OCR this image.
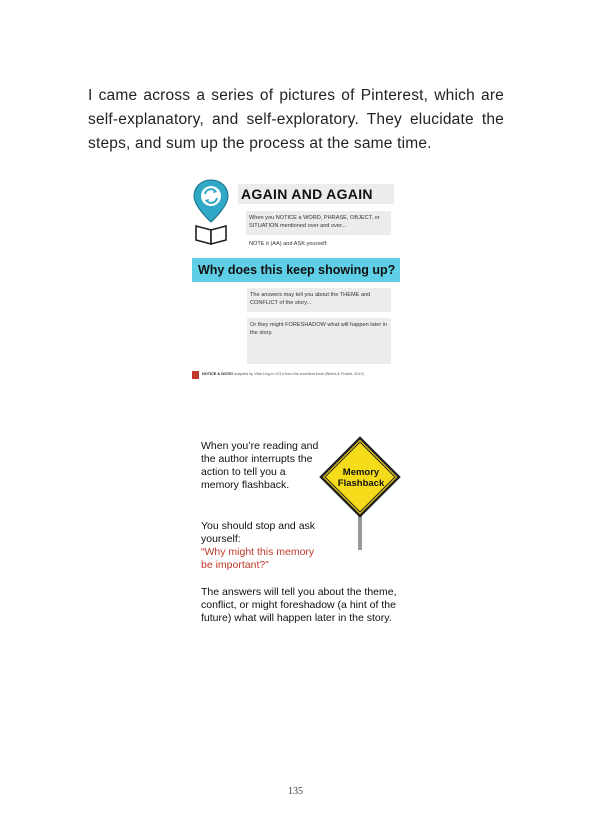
I came across a series of pictures of Pinterest, which are self-explanatory, and self-exploratory. They elucidate the steps, and sum up the process at the same time.

AGAIN AND AGAIN
When you NOTICE a WORD, PHRASE, OBJECT, or SITUATION mentioned over and over...
NOTE it (AA) and ASK yourself:
Why does this keep showing up?
The answers may tell you about the THEME and CONFLICT of the story...
Or they might FORESHADOW what will happen later in the story.
NOTICE & NOTE! Adapted by Vicki Ling in 2014 from the excellent book (Beers & Probst, 2012)
When you’re reading and the author interrupts the action to tell you a memory flashback.
You should stop and ask yourself:
“Why might this memory be important?”
The answers will tell you about the theme, conflict, or might foreshadow (a hint of the future) what will happen later in the story.
Memory
Flashback
135
